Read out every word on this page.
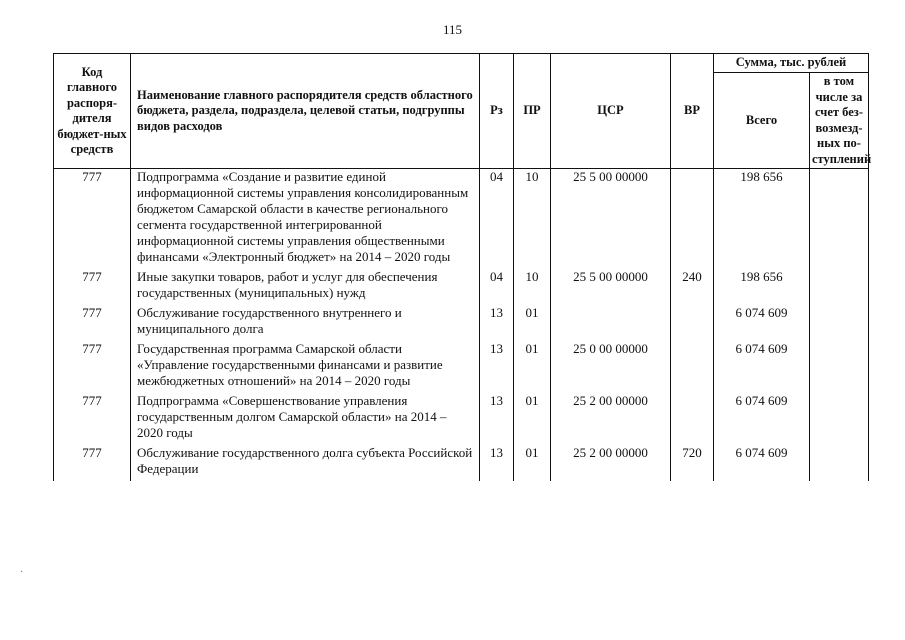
115
Код главного распоря-дителя бюджет-ных средств	Наименование главного распорядителя средств областного бюджета, раздела, подраздела, целевой статьи, подгруппы видов расходов	Рз	ПР	ЦСР	ВР	Сумма, тыс. рублей	
						Всего	в том числе за счет без-возмезд-ных по-ступлений
777	Подпрограмма «Создание и развитие единой информационной системы управления консолидированным бюджетом Самарской области в качестве регионального сегмента государственной интегрированной информационной системы управления общественными финансами «Электронный бюджет» на 2014 – 2020 годы	04	10	25 5 00 00000		198 656	
777	Иные закупки товаров, работ и услуг для обеспечения государственных (муниципальных) нужд	04	10	25 5 00 00000	240	198 656	
777	Обслуживание государственного внутреннего и муниципального долга	13	01			6 074 609	
777	Государственная программа Самарской области «Управление государственными финансами и развитие межбюджетных отношений» на 2014 – 2020 годы	13	01	25 0 00 00000		6 074 609	
777	Подпрограмма «Совершенствование управления государственным долгом Самарской области» на 2014 – 2020 годы	13	01	25 2 00 00000		6 074 609	
777	Обслуживание государственного долга субъекта Российской Федерации	13	01	25 2 00 00000	720	6 074 609	
·
